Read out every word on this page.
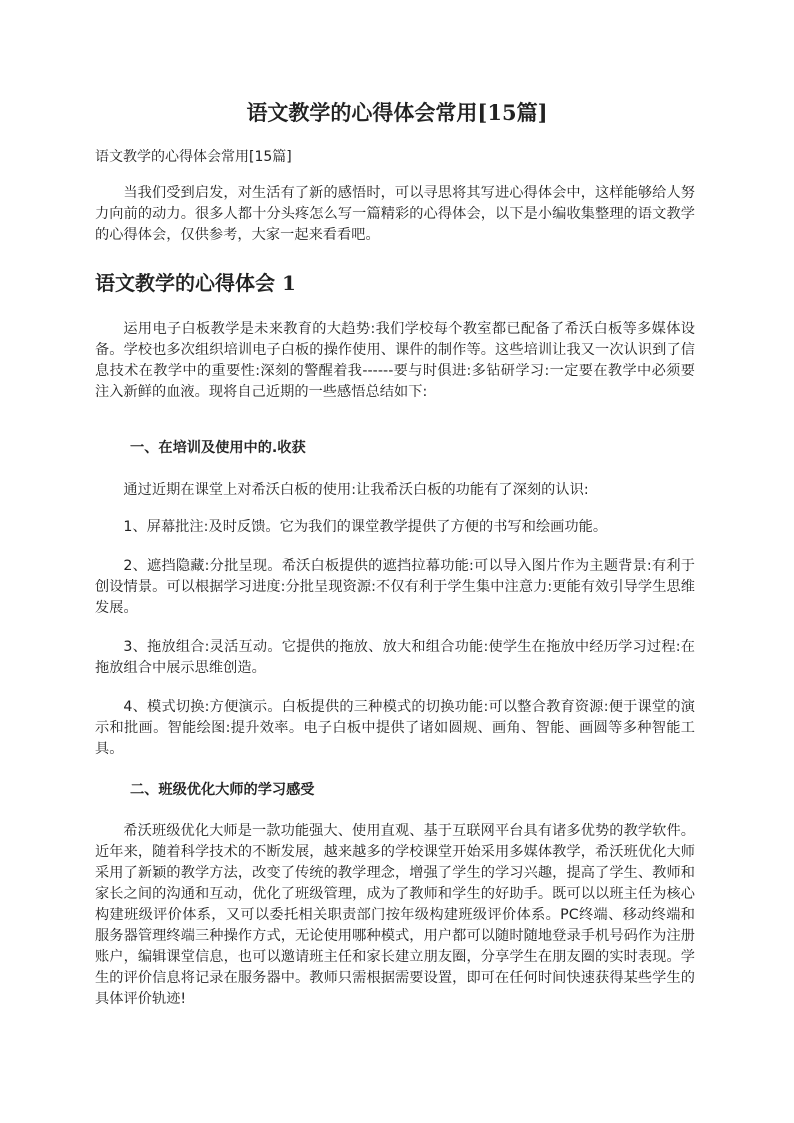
语文教学的心得体会常用[15篇]

语文教学的心得体会常用[15篇]

当我们受到启发，对生活有了新的感悟时，可以寻思将其写进心得体会中，这样能够给人努力向前的动力。很多人都十分头疼怎么写一篇精彩的心得体会，以下是小编收集整理的语文教学的心得体会，仅供参考，大家一起来看看吧。

语文教学的心得体会 1

运用电子白板教学是未来教育的大趋势:我们学校每个教室都已配备了希沃白板等多媒体设备。学校也多次组织培训电子白板的操作使用、课件的制作等。这些培训让我又一次认识到了信息技术在教学中的重要性:深刻的警醒着我------要与时俱进:多钻研学习:一定要在教学中必须要注入新鲜的血液。现将自己近期的一些感悟总结如下:

一、在培训及使用中的.收获

通过近期在课堂上对希沃白板的使用:让我希沃白板的功能有了深刻的认识:

1、屏幕批注:及时反馈。它为我们的课堂教学提供了方便的书写和绘画功能。

2、遮挡隐藏:分批呈现。希沃白板提供的遮挡拉幕功能:可以导入图片作为主题背景:有利于创设情景。可以根据学习进度:分批呈现资源:不仅有利于学生集中注意力:更能有效引导学生思维发展。

3、拖放组合:灵活互动。它提供的拖放、放大和组合功能:使学生在拖放中经历学习过程:在拖放组合中展示思维创造。

4、模式切换:方便演示。白板提供的三种模式的切换功能:可以整合教育资源:便于课堂的演示和批画。智能绘图:提升效率。电子白板中提供了诸如圆规、画角、智能、画圆等多种智能工具。

二、班级优化大师的学习感受

希沃班级优化大师是一款功能强大、使用直观、基于互联网平台具有诸多优势的教学软件。近年来，随着科学技术的不断发展，越来越多的学校课堂开始采用多媒体教学，希沃班优化大师采用了新颖的教学方法，改变了传统的教学理念，增强了学生的学习兴趣，提高了学生、教师和家长之间的沟通和互动，优化了班级管理，成为了教师和学生的好助手。既可以以班主任为核心构建班级评价体系，又可以委托相关职责部门按年级构建班级评价体系。PC终端、移动终端和服务器管理终端三种操作方式，无论使用哪种模式，用户都可以随时随地登录手机号码作为注册账户，编辑课堂信息，也可以邀请班主任和家长建立朋友圈，分享学生在朋友圈的实时表现。学生的评价信息将记录在服务器中。教师只需根据需要设置，即可在任何时间快速获得某些学生的具体评价轨迹!
